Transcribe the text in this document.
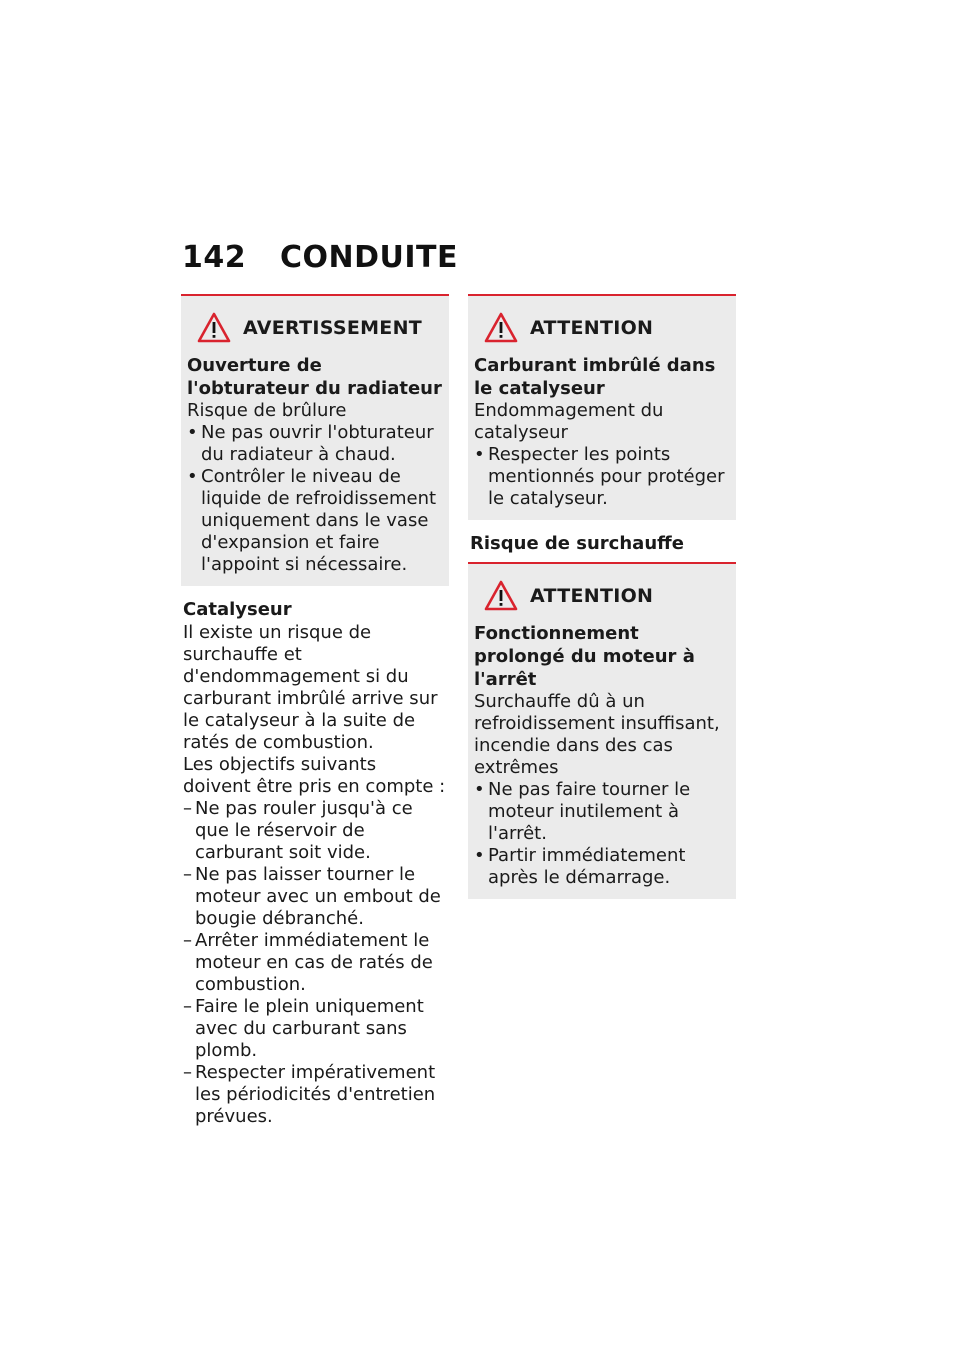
142 CONDUITE
AVERTISSEMENT
Ouverture de l'obturateur du radiateur
Risque de brûlure
• Ne pas ouvrir l'obturateur du radiateur à chaud.
• Contrôler le niveau de liquide de refroidissement uniquement dans le vase d'expansion et faire l'appoint si nécessaire.
Catalyseur
Il existe un risque de surchauffe et d'endommagement si du carburant imbrûlé arrive sur le catalyseur à la suite de ratés de combustion.
Les objectifs suivants doivent être pris en compte :
– Ne pas rouler jusqu'à ce que le réservoir de carburant soit vide.
– Ne pas laisser tourner le moteur avec un embout de bougie débranché.
– Arrêter immédiatement le moteur en cas de ratés de combustion.
– Faire le plein uniquement avec du carburant sans plomb.
– Respecter impérativement les périodicités d'entretien prévues.
ATTENTION
Carburant imbrûlé dans le catalyseur
Endommagement du catalyseur
• Respecter les points mentionnés pour protéger le catalyseur.
Risque de surchauffe
ATTENTION
Fonctionnement prolongé du moteur à l'arrêt
Surchauffe dû à un refroidissement insuffisant, incendie dans des cas extrêmes
• Ne pas faire tourner le moteur inutilement à l'arrêt.
• Partir immédiatement après le démarrage.
